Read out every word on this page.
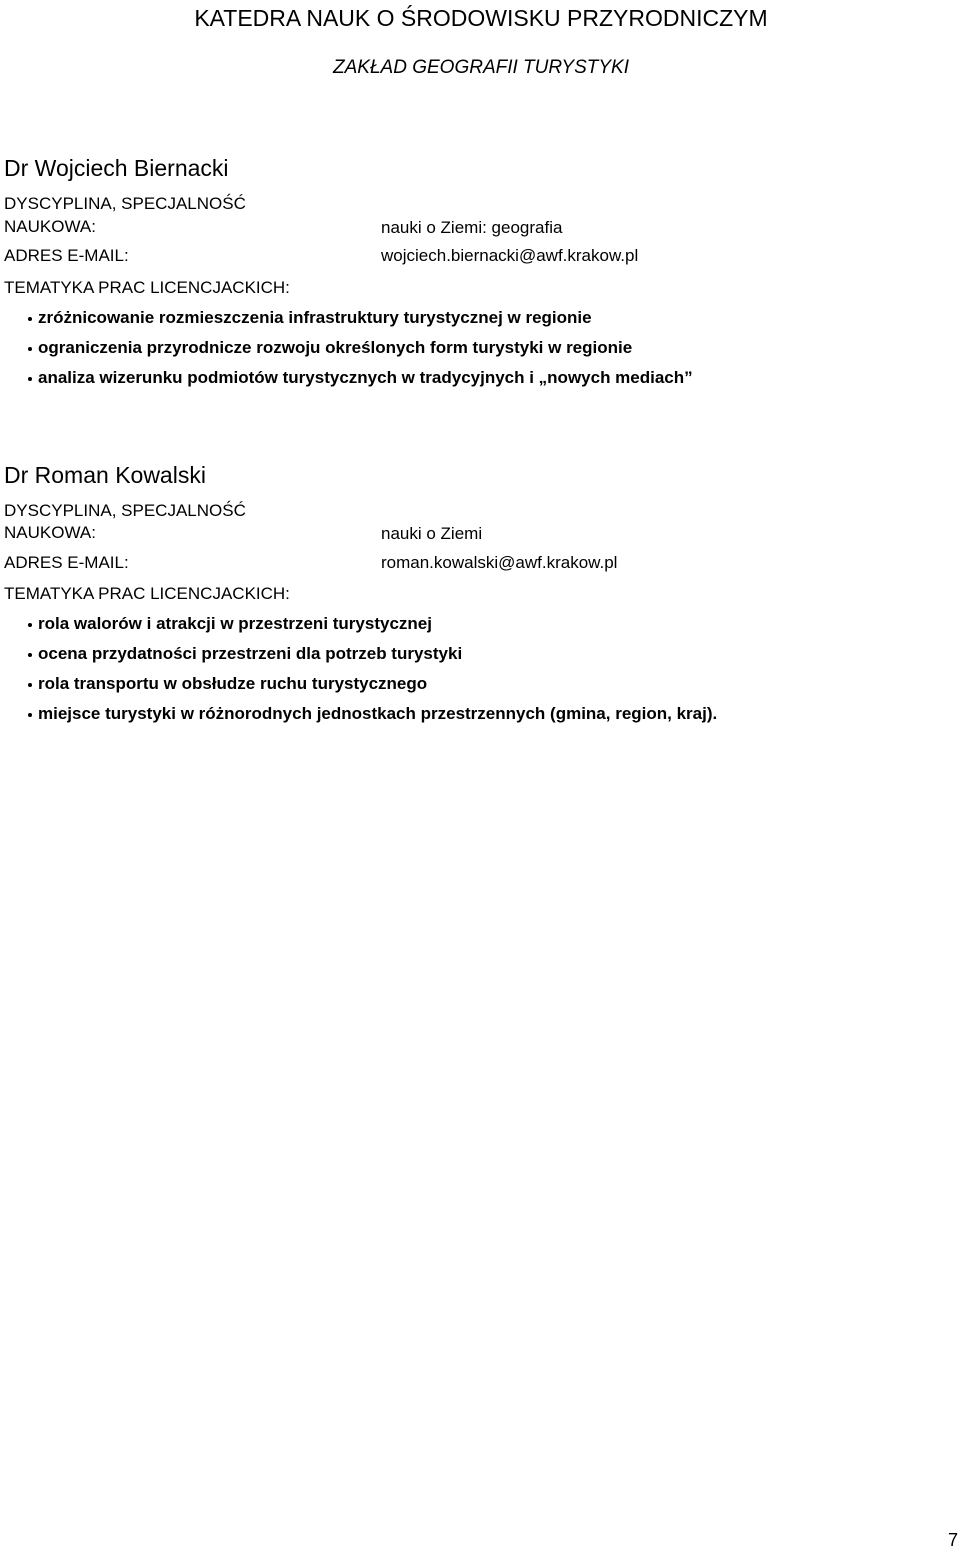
KATEDRA NAUK O ŚRODOWISKU PRZYRODNICZYM
ZAKŁAD GEOGRAFII TURYSTYKI
Dr Wojciech Biernacki
DYSCYPLINA, SPECJALNOŚĆ
NAUKOWA:	nauki o Ziemi: geografia
ADRES E-MAIL:	wojciech.biernacki@awf.krakow.pl
TEMATYKA PRAC LICENCJACKICH:
zróżnicowanie rozmieszczenia infrastruktury turystycznej w regionie
ograniczenia przyrodnicze rozwoju określonych form turystyki w regionie
analiza wizerunku podmiotów turystycznych w tradycyjnych i „nowych mediach”
Dr Roman Kowalski
DYSCYPLINA, SPECJALNOŚĆ
NAUKOWA:	nauki o Ziemi
ADRES E-MAIL:	roman.kowalski@awf.krakow.pl
TEMATYKA PRAC LICENCJACKICH:
rola walorów i atrakcji w przestrzeni turystycznej
ocena przydatności przestrzeni dla potrzeb turystyki
rola transportu w obsłudze ruchu turystycznego
miejsce turystyki w różnorodnych jednostkach przestrzennych (gmina, region, kraj).
7
